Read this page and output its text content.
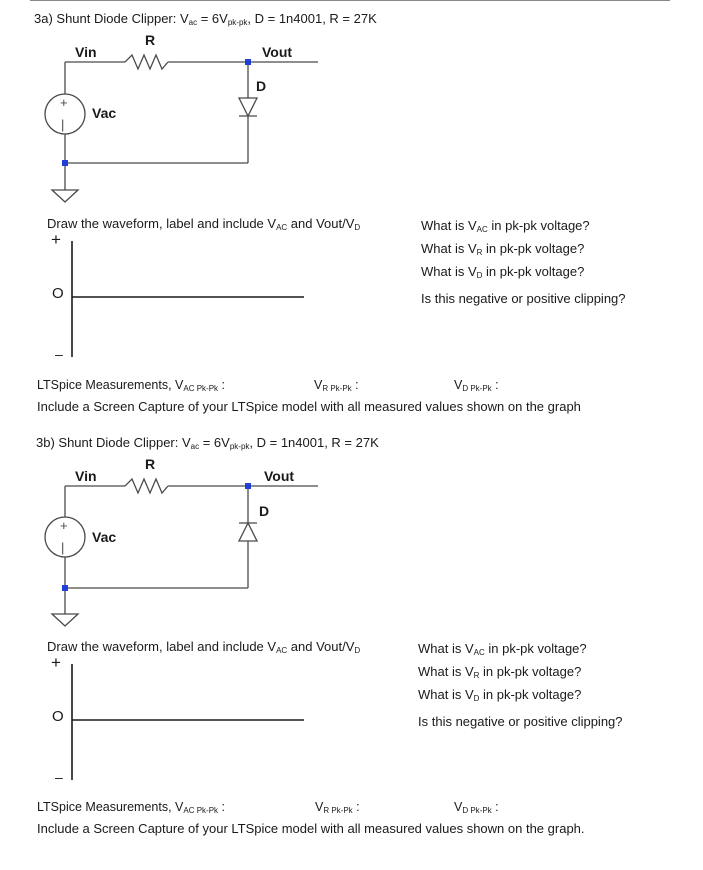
3a) Shunt Diode Clipper: $V_{ac} = 6V_{pk-pk}$, D = 1n4001, R = 27K
+
|
R
Vin	Vout
D
Vac
Draw the waveform, label and include $V_{AC}$ and Vout/$V_D$
+
O
–
What is $V_{AC}$ in pk-pk voltage?
What is $V_R$ in pk-pk voltage?
What is $V_D$ in pk-pk voltage?
Is this negative or positive clipping?
LTSpice Measurements, $V_{AC Pk-Pk}$ :	$V_{R Pk-Pk}$ :	$V_{D Pk-Pk}$ :
Include a Screen Capture of your LTSpice model with all measured values shown on the graph
3b) Shunt Diode Clipper: $V_{ac} = 6V_{pk-pk}$, D = 1n4001, R = 27K
+
|
R
Vin	Vout
D
Vac
Draw the waveform, label and include $V_{AC}$ and Vout/$V_D$
+
O
–
What is $V_{AC}$ in pk-pk voltage?
What is $V_R$ in pk-pk voltage?
What is $V_D$ in pk-pk voltage?
Is this negative or positive clipping?
LTSpice Measurements, $V_{AC Pk-Pk}$ :	$V_{R Pk-Pk}$ :	$V_{D Pk-Pk}$ :
Include a Screen Capture of your LTSpice model with all measured values shown on the graph.
